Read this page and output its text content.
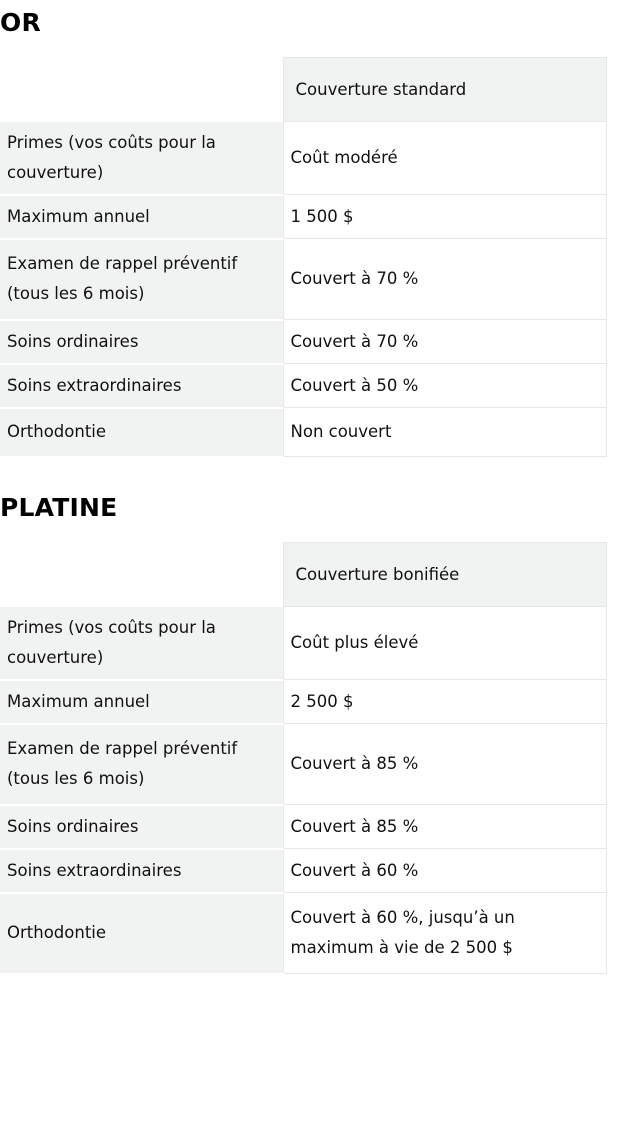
OR
	Couverture standard
Primes (vos coûts pour la couverture)	Coût modéré
Maximum annuel	1 500 $
Examen de rappel préventif (tous les 6 mois)	Couvert à 70 %
Soins ordinaires	Couvert à 70 %
Soins extraordinaires	Couvert à 50 %
Orthodontie	Non couvert
PLATINE
	Couverture bonifiée
Primes (vos coûts pour la couverture)	Coût plus élevé
Maximum annuel	2 500 $
Examen de rappel préventif (tous les 6 mois)	Couvert à 85 %
Soins ordinaires	Couvert à 85 %
Soins extraordinaires	Couvert à 60 %
Orthodontie	Couvert à 60 %, jusqu’à un maximum à vie de 2 500 $
